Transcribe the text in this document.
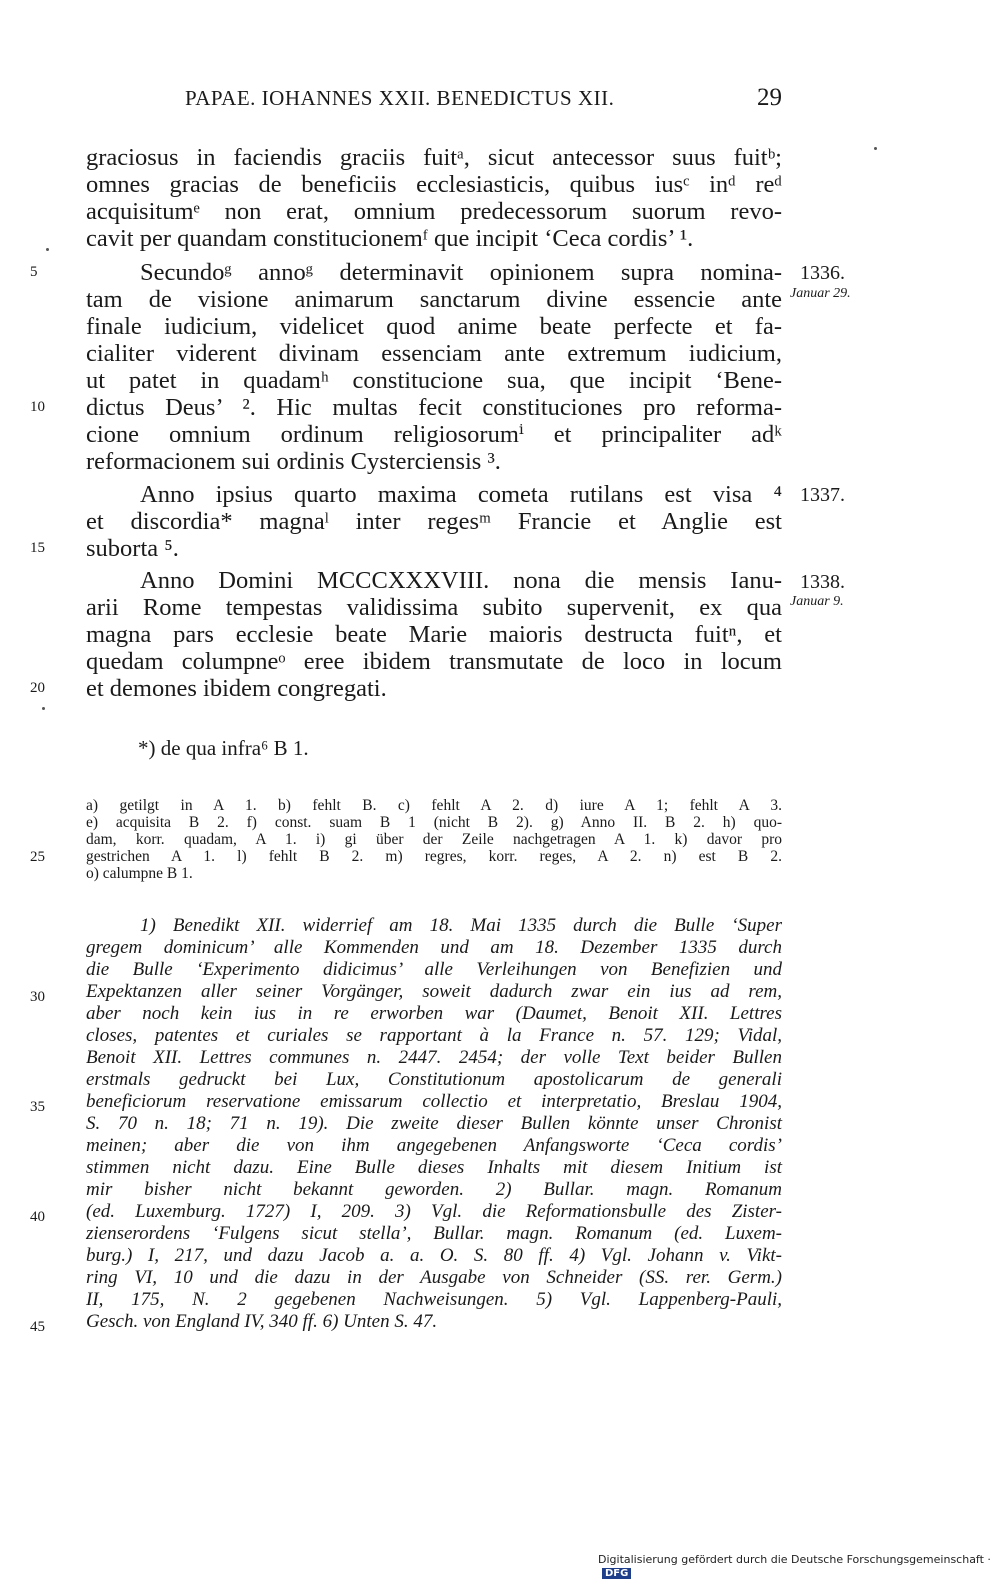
PAPAE. IOHANNES XXII. BENEDICTUS XII.	29
graciosus in faciendis graciis fuitᵃ, sicut antecessor suus fuitᵇ;
omnes gracias de beneficiis ecclesiasticis, quibus iusᶜ inᵈ reᵈ
acquisitumᵉ non erat, omnium predecessorum suorum revo-
cavit per quandam constitucionemᶠ que incipit ‘Ceca cordis’ ¹.
Secundoᵍ annoᵍ determinavit opinionem supra nomina-
tam de visione animarum sanctarum divine essencie ante
finale iudicium, videlicet quod anime beate perfecte et fa-
cialiter viderent divinam essenciam ante extremum iudicium,
ut patet in quadamʰ constitucione sua, que incipit ‘Bene-
dictus Deus’ ². Hic multas fecit constituciones pro reforma-
cione omnium ordinum religiosorumⁱ et principaliter adᵏ
reformacionem sui ordinis Cysterciensis ³.
Anno ipsius quarto maxima cometa rutilans est visa ⁴
et discordia* magnaˡ inter regesᵐ Francie et Anglie est
suborta ⁵.
Anno Domini MCCCXXXVIII. nona die mensis Ianu-
arii Rome tempestas validissima subito supervenit, ex qua
magna pars ecclesie beate Marie maioris destructa fuitⁿ, et
quedam columpneᵒ eree ibidem transmutate de loco in locum
et demones ibidem congregati.
5
10
15
20
25
30
35
40
45
1336.
Januar 29.
1337.
1338.
Januar 9.
*) de qua infra⁶ B 1.
a) getilgt in A 1. b) fehlt B. c) fehlt A 2. d) iure A 1; fehlt A 3.
e) acquisita B 2. f) const. suam B 1 (nicht B 2). g) Anno II. B 2. h) quo-
dam, korr. quadam, A 1. i) gi über der Zeile nachgetragen A 1. k) davor pro
gestrichen A 1. l) fehlt B 2. m) regres, korr. reges, A 2. n) est B 2.
o) calumpne B 1.
1) Benedikt XII. widerrief am 18. Mai 1335 durch die Bulle ‘Super
gregem dominicum’ alle Kommenden und am 18. Dezember 1335 durch
die Bulle ‘Experimento didicimus’ alle Verleihungen von Benefizien und
Expektanzen aller seiner Vorgänger, soweit dadurch zwar ein ius ad rem,
aber noch kein ius in re erworben war (Daumet, Benoit XII. Lettres
closes, patentes et curiales se rapportant à la France n. 57. 129; Vidal,
Benoit XII. Lettres communes n. 2447. 2454; der volle Text beider Bullen
erstmals gedruckt bei Lux, Constitutionum apostolicarum de generali
beneficiorum reservatione emissarum collectio et interpretatio, Breslau 1904,
S. 70 n. 18; 71 n. 19). Die zweite dieser Bullen könnte unser Chronist
meinen; aber die von ihm angegebenen Anfangsworte ‘Ceca cordis’
stimmen nicht dazu. Eine Bulle dieses Inhalts mit diesem Initium ist
mir bisher nicht bekannt geworden. 2) Bullar. magn. Romanum
(ed. Luxemburg. 1727) I, 209. 3) Vgl. die Reformationsbulle des Zister-
zienserordens ‘Fulgens sicut stella’, Bullar. magn. Romanum (ed. Luxem-
burg.) I, 217, und dazu Jacob a. a. O. S. 80 ff. 4) Vgl. Johann v. Vikt-
ring VI, 10 und die dazu in der Ausgabe von Schneider (SS. rer. Germ.)
II, 175, N. 2 gegebenen Nachweisungen. 5) Vgl. Lappenberg-Pauli,
Gesch. von England IV, 340 ff. 6) Unten S. 47.
Digitalisierung gefördert durch die Deutsche Forschungsgemeinschaft · DFG
